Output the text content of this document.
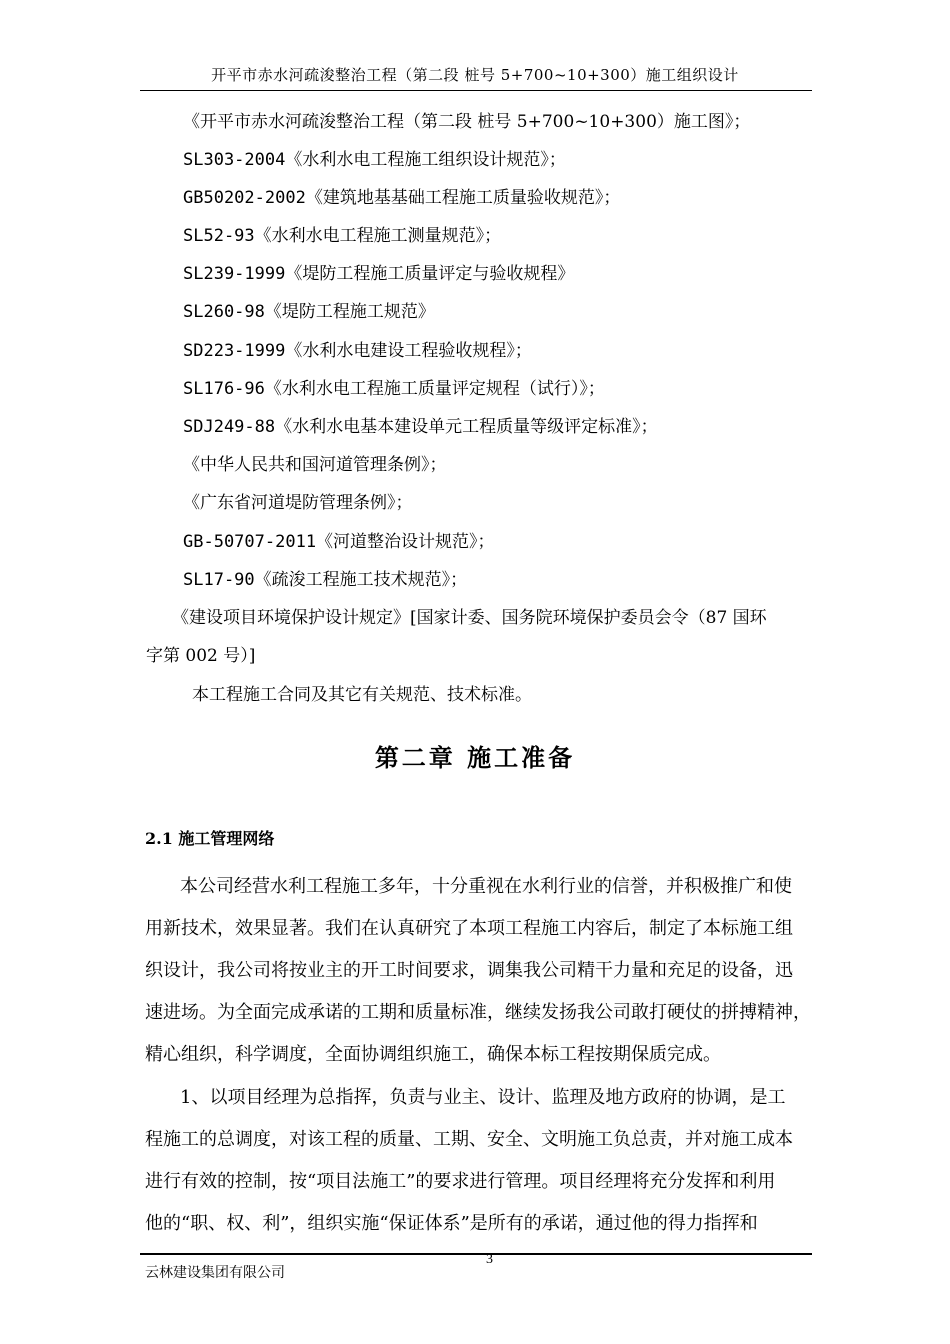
开平市赤水河疏浚整治工程（第二段 桩号 5+700~10+300）施工组织设计
《开平市赤水河疏浚整治工程（第二段 桩号 5+700~10+300）施工图》；
SL303-2004《水利水电工程施工组织设计规范》；
GB50202-2002《建筑地基基础工程施工质量验收规范》；
SL52-93《水利水电工程施工测量规范》；
SL239-1999《堤防工程施工质量评定与验收规程》
SL260-98《堤防工程施工规范》
SD223-1999《水利水电建设工程验收规程》；
SL176-96《水利水电工程施工质量评定规程（试行）》；
SDJ249-88《水利水电基本建设单元工程质量等级评定标准》；
《中华人民共和国河道管理条例》；
《广东省河道堤防管理条例》；
GB-50707-2011《河道整治设计规范》；
SL17-90《疏浚工程施工技术规范》；
《建设项目环境保护设计规定》[国家计委、国务院环境保护委员会令（87 国环
字第 002 号）]
本工程施工合同及其它有关规范、技术标准。
第二章 施工准备
2.1 施工管理网络
本公司经营水利工程施工多年，十分重视在水利行业的信誉，并积极推广和使
用新技术，效果显著。我们在认真研究了本项工程施工内容后，制定了本标施工组
织设计，我公司将按业主的开工时间要求，调集我公司精干力量和充足的设备，迅
速进场。为全面完成承诺的工期和质量标准，继续发扬我公司敢打硬仗的拼搏精神，
精心组织，科学调度，全面协调组织施工，确保本标工程按期保质完成。
1、以项目经理为总指挥，负责与业主、设计、监理及地方政府的协调，是工
程施工的总调度，对该工程的质量、工期、安全、文明施工负总责，并对施工成本
进行有效的控制，按“项目法施工”的要求进行管理。项目经理将充分发挥和利用
他的“职、权、利”，组织实施“保证体系”是所有的承诺，通过他的得力指挥和
3
云林建设集团有限公司
